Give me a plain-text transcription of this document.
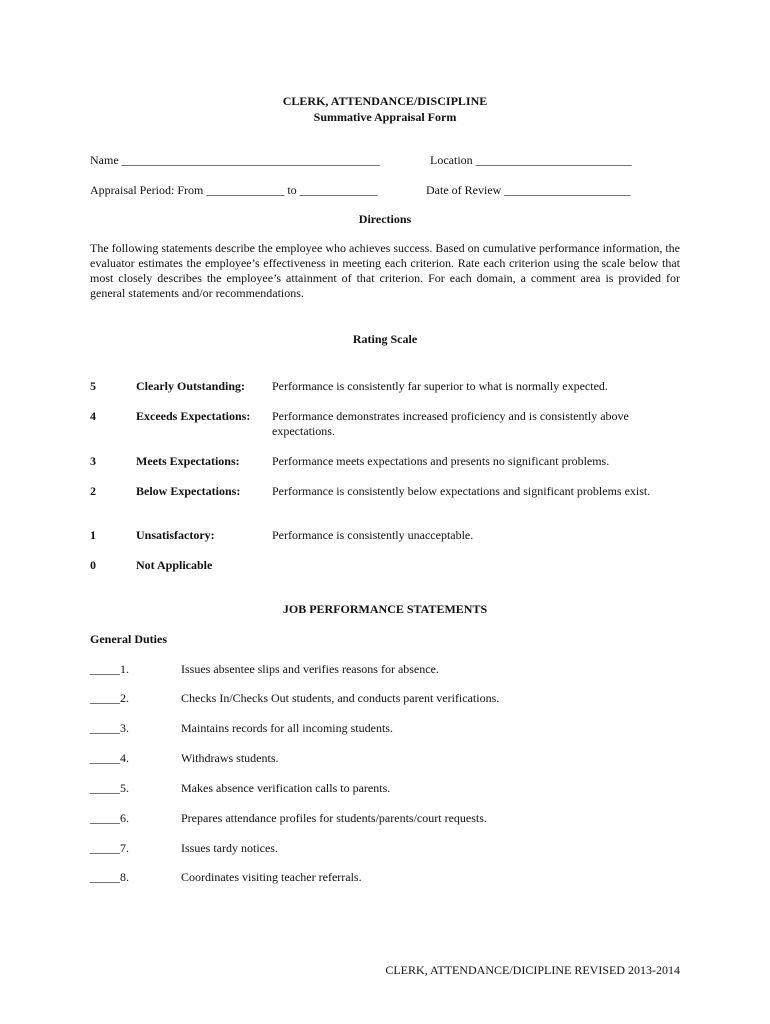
CLERK, ATTENDANCE/DISCIPLINE
Summative Appraisal Form
Name ___________________________________________	Location __________________________
Appraisal Period: From _____________ to _____________	Date of Review _____________________
Directions
The following statements describe the employee who achieves success. Based on cumulative performance information, the evaluator estimates the employee’s effectiveness in meeting each criterion. Rate each criterion using the scale below that most closely describes the employee’s attainment of that criterion. For each domain, a comment area is provided for general statements and/or recommendations.
Rating Scale
5	Clearly Outstanding: Performance is consistently far superior to what is normally expected.
4	Exceeds Expectations: Performance demonstrates increased proficiency and is consistently above expectations.
3	Meets Expectations:	Performance meets expectations and presents no significant problems.
2	Below Expectations:	Performance is consistently below expectations and significant problems exist.
1	Unsatisfactory:	Performance is consistently unacceptable.
0	Not Applicable
JOB PERFORMANCE STATEMENTS
General Duties
_____1.	Issues absentee slips and verifies reasons for absence.
_____2.	Checks In/Checks Out students, and conducts parent verifications.
_____3.	Maintains records for all incoming students.
_____4.	Withdraws students.
_____5.	Makes absence verification calls to parents.
_____6.	Prepares attendance profiles for students/parents/court requests.
_____7.	Issues tardy notices.
_____8.	Coordinates visiting teacher referrals.
CLERK, ATTENDANCE/DICIPLINE REVISED 2013-2014
